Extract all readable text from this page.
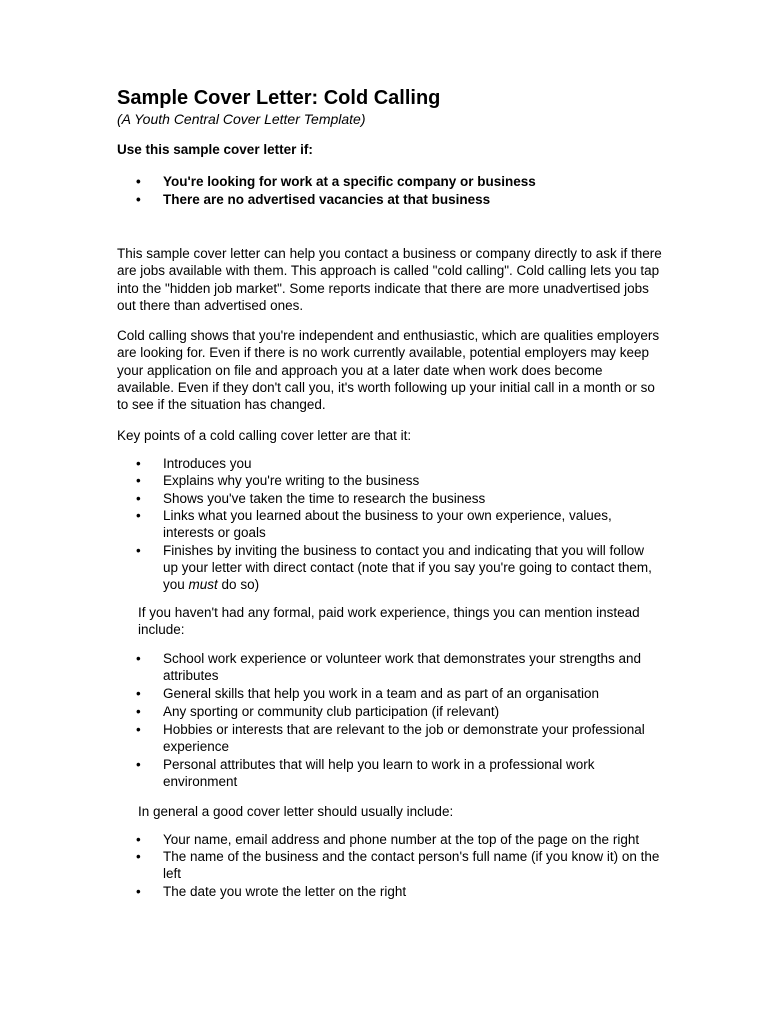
Sample Cover Letter: Cold Calling
(A Youth Central Cover Letter Template)
Use this sample cover letter if:
• You're looking for work at a specific company or business
• There are no advertised vacancies at that business

This sample cover letter can help you contact a business or company directly to ask if there are jobs available with them. This approach is called "cold calling". Cold calling lets you tap into the "hidden job market". Some reports indicate that there are more unadvertised jobs out there than advertised ones.

Cold calling shows that you're independent and enthusiastic, which are qualities employers are looking for. Even if there is no work currently available, potential employers may keep your application on file and approach you at a later date when work does become available. Even if they don't call you, it's worth following up your initial call in a month or so to see if the situation has changed.

Key points of a cold calling cover letter are that it:

• Introduces you
• Explains why you're writing to the business
• Shows you've taken the time to research the business
• Links what you learned about the business to your own experience, values, interests or goals
• Finishes by inviting the business to contact you and indicating that you will follow up your letter with direct contact (note that if you say you're going to contact them, you must do so)

If you haven't had any formal, paid work experience, things you can mention instead include:

• School work experience or volunteer work that demonstrates your strengths and attributes
• General skills that help you work in a team and as part of an organisation
• Any sporting or community club participation (if relevant)
• Hobbies or interests that are relevant to the job or demonstrate your professional experience
• Personal attributes that will help you learn to work in a professional work environment

In general a good cover letter should usually include:

• Your name, email address and phone number at the top of the page on the right
• The name of the business and the contact person's full name (if you know it) on the left
• The date you wrote the letter on the right
